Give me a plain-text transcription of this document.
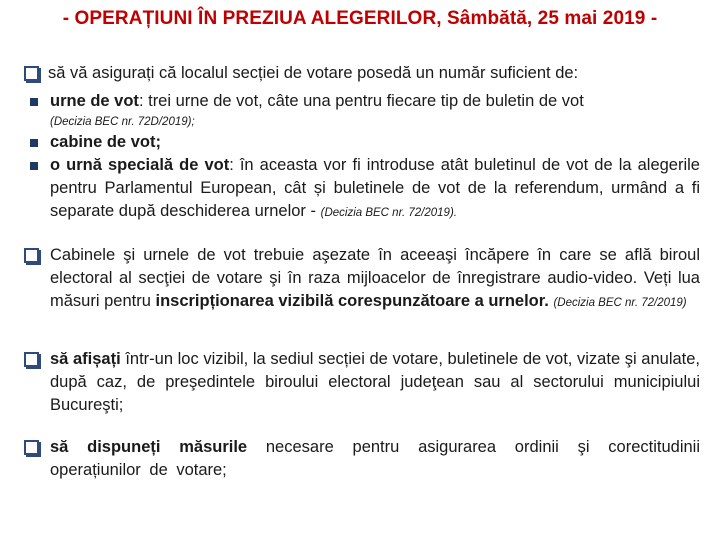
- OPERAȚIUNI ÎN PREZIUA ALEGERILOR, Sâmbătă, 25 mai 2019 -
să vă asigurați că localul secției de votare posedă un număr suficient de:
urne de vot: trei urne de vot, câte una pentru fiecare tip de buletin de vot
(Decizia BEC nr. 72D/2019);
cabine de vot;
o urnă specială de vot: în aceasta vor fi introduse atât buletinul de vot de la alegerile pentru Parlamentul European, cât și buletinele de vot de la referendum, urmând a fi separate după deschiderea urnelor - (Decizia BEC nr. 72/2019).
Cabinele şi urnele de vot trebuie aşezate în aceeaşi încăpere în care se află biroul electoral al secţiei de votare şi în raza mijloacelor de înregistrare audio-video. Veți lua măsuri pentru inscripționarea vizibilă corespunzătoare a urnelor. (Decizia BEC nr. 72/2019)
să afișați într-un loc vizibil, la sediul secției de votare, buletinele de vot, vizate şi anulate, după caz, de preşedintele biroului electoral judeţean sau al sectorului municipiului Bucureşti;
să dispuneți măsurile necesare pentru asigurarea ordinii şi corectitudinii operațiunilor de votare;
